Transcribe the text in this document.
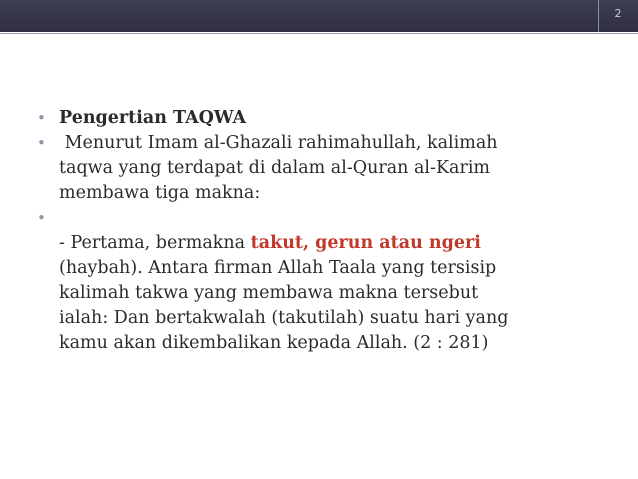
2
• Pengertian TAQWA
• Menurut Imam al-Ghazali rahimahullah, kalimah
taqwa yang terdapat di dalam al-Quran al-Karim
membawa tiga makna:
•
- Pertama, bermakna takut, gerun atau ngeri
(haybah). Antara firman Allah Taala yang tersisip
kalimah takwa yang membawa makna tersebut
ialah: Dan bertakwalah (takutilah) suatu hari yang
kamu akan dikembalikan kepada Allah. (2 : 281)
